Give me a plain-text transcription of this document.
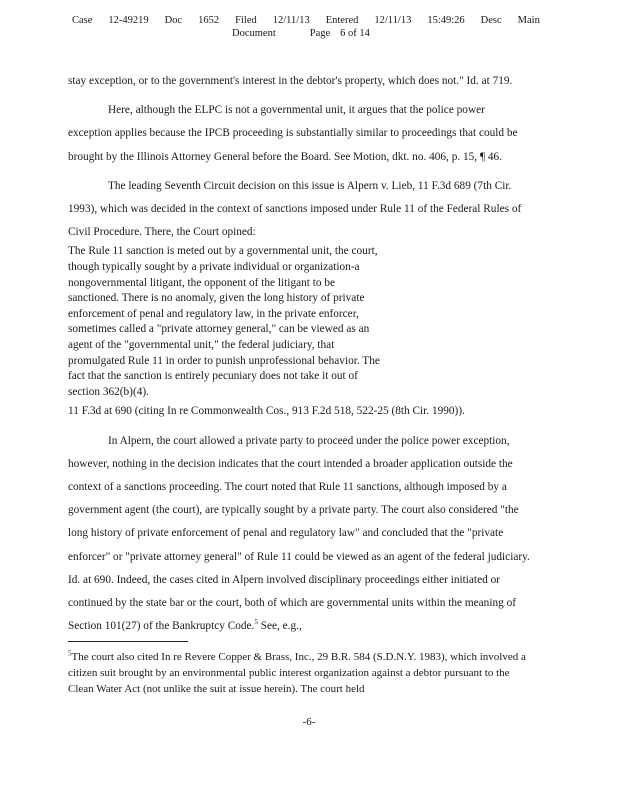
Case 12-49219 Doc 1652 Filed 12/11/13 Entered 12/11/13 15:49:26 Desc Main
Document	Page 6 of 14

stay exception, or to the government's interest in the debtor's property, which does not." Id. at 719.

Here, although the ELPC is not a governmental unit, it argues that the police power exception applies because the IPCB proceeding is substantially similar to proceedings that could be brought by the Illinois Attorney General before the Board. See Motion, dkt. no. 406, p. 15, ¶ 46.

The leading Seventh Circuit decision on this issue is Alpern v. Lieb, 11 F.3d 689 (7th Cir. 1993), which was decided in the context of sanctions imposed under Rule 11 of the Federal Rules of Civil Procedure. There, the Court opined:

The Rule 11 sanction is meted out by a governmental unit, the court, though typically sought by a private individual or organization-a nongovernmental litigant, the opponent of the litigant to be sanctioned. There is no anomaly, given the long history of private enforcement of penal and regulatory law, in the private enforcer, sometimes called a "private attorney general," can be viewed as an agent of the "governmental unit," the federal judiciary, that promulgated Rule 11 in order to punish unprofessional behavior. The fact that the sanction is entirely pecuniary does not take it out of section 362(b)(4).

11 F.3d at 690 (citing In re Commonwealth Cos., 913 F.2d 518, 522-25 (8th Cir. 1990)).

In Alpern, the court allowed a private party to proceed under the police power exception, however, nothing in the decision indicates that the court intended a broader application outside the context of a sanctions proceeding. The court noted that Rule 11 sanctions, although imposed by a government agent (the court), are typically sought by a private party. The court also considered "the long history of private enforcement of penal and regulatory law" and concluded that the "private enforcer" or "private attorney general" of Rule 11 could be viewed as an agent of the federal judiciary. Id. at 690. Indeed, the cases cited in Alpern involved disciplinary proceedings either initiated or continued by the state bar or the court, both of which are governmental units within the meaning of Section 101(27) of the Bankruptcy Code.$^5$ See, e.g.,

$^5$The court also cited In re Revere Copper & Brass, Inc., 29 B.R. 584 (S.D.N.Y. 1983), which involved a citizen suit brought by an environmental public interest organization against a debtor pursuant to the Clean Water Act (not unlike the suit at issue herein). The court held

-6-
